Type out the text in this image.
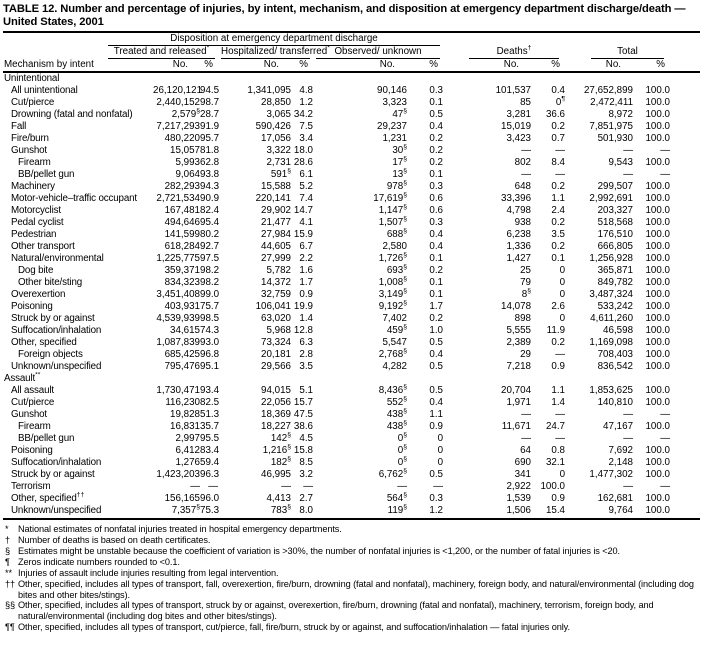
TABLE 12. Number and percentage of injuries, by intent, mechanism, and disposition at emergency department discharge/death — United States, 2001

	Disposition at emergency department discharge										

	Treated and released*		Hospitalized/ transferred*		Observed/ unknown		Deaths†		Total		

Mechanism by intent	No.	%	No.	%	No.	%	No.	%	No.	%	
Unintentional											
All unintentional	26,120,121	94.5	1,341,095	4.8	90,146	0.3	101,537	0.4	27,652,899	100.0	
Cut/pierce	2,440,152	98.7	28,850	1.2	3,323	0.1	85	0¶	2,472,411	100.0	
Drowning (fatal and nonfatal)	2,579§	28.7	3,065	34.2	47§	0.5	3,281	36.6	8,972	100.0	
Fall	7,217,293	91.9	590,426	7.5	29,237	0.4	15,019	0.2	7,851,975	100.0	
Fire/burn	480,220	95.7	17,056	3.4	1,231	0.2	3,423	0.7	501,930	100.0	
Gunshot	15,057	81.8	3,322	18.0	30§	0.2	—	—	—	—	
Firearm	5,993	62.8	2,731	28.6	17§	0.2	802	8.4	9,543	100.0	
BB/pellet gun	9,064	93.8	591§	6.1	13§	0.1	—	—	—	—	
Machinery	282,293	94.3	15,588	5.2	978§	0.3	648	0.2	299,507	100.0	
Motor-vehicle–traffic occupant	2,721,534	90.9	220,141	7.4	17,619§	0.6	33,396	1.1	2,992,691	100.0	
Motorcyclist	167,481	82.4	29,902	14.7	1,147§	0.6	4,798	2.4	203,327	100.0	
Pedal cyclist	494,646	95.4	21,477	4.1	1,507§	0.3	938	0.2	518,568	100.0	
Pedestrian	141,599	80.2	27,984	15.9	688§	0.4	6,238	3.5	176,510	100.0	
Other transport	618,284	92.7	44,605	6.7	2,580	0.4	1,336	0.2	666,805	100.0	
Natural/environmental	1,225,775	97.5	27,999	2.2	1,726§	0.1	1,427	0.1	1,256,928	100.0	
Dog bite	359,371	98.2	5,782	1.6	693§	0.2	25	0	365,871	100.0	
Other bite/sting	834,323	98.2	14,372	1.7	1,008§	0.1	79	0	849,782	100.0	
Overexertion	3,451,408	99.0	32,759	0.9	3,149§	0.1	8§	0	3,487,324	100.0	
Poisoning	403,931	75.7	106,041	19.9	9,192§	1.7	14,078	2.6	533,242	100.0	
Struck by or against	4,539,939	98.5	63,020	1.4	7,402	0.2	898	0	4,611,260	100.0	
Suffocation/inhalation	34,615	74.3	5,968	12.8	459§	1.0	5,555	11.9	46,598	100.0	
Other, specified	1,087,839	93.0	73,324	6.3	5,547	0.5	2,389	0.2	1,169,098	100.0	
Foreign objects	685,425	96.8	20,181	2.8	2,768§	0.4	29	—	708,403	100.0	
Unknown/unspecified	795,476	95.1	29,566	3.5	4,282	0.5	7,218	0.9	836,542	100.0	
Assault**
All assault	1,730,471	93.4	94,015	5.1	8,436§	0.5	20,704	1.1	1,853,625	100.0	
Cut/pierce	116,230	82.5	22,056	15.7	552§	0.4	1,971	1.4	140,810	100.0	
Gunshot	19,828	51.3	18,369	47.5	438§	1.1	—	—	—	—	
Firearm	16,831	35.7	18,227	38.6	438§	0.9	11,671	24.7	47,167	100.0	
BB/pellet gun	2,997	95.5	142§	4.5	0§	0	—	—	—	—	
Poisoning	6,412	83.4	1,216§	15.8	0§	0	64	0.8	7,692	100.0	
Suffocation/inhalation	1,276	59.4	182§	8.5	0§	0	690	32.1	2,148	100.0	
Struck by or against	1,423,203	96.3	46,995	3.2	6,762§	0.5	341	0	1,477,302	100.0	
Terrorism	—	—	—	—	—	—	2,922	100.0	—	—	
Other, specified††	156,165	96.0	4,413	2.7	564§	0.3	1,539	0.9	162,681	100.0	
Unknown/unspecified	7,357§	75.3	783§	8.0	119§	1.2	1,506	15.4	9,764	100.0	
*	National estimates of nonfatal injuries treated in hospital emergency departments.
† Number of deaths is based on death certificates.
§ Estimates might be unstable because the coefficient of variation is >30%, the number of nonfatal injuries is <1,200, or the number of fatal injuries is <20.
¶ Zeros indicate numbers rounded to <0.1.
** Injuries of assault include injuries resulting from legal intervention.
†† Other, specified, includes all types of transport, fall, overexertion, fire/burn, drowning (fatal and nonfatal), machinery, foreign body, and natural/environmental (including dog bites and other bites/stings).
§§ Other, specified, includes all types of transport, struck by or against, overexertion, fire/burn, drowning (fatal and nonfatal), machinery, terrorism, foreign body, and natural/environmental (including dog bites and other bites/stings).
¶¶ Other, specified, includes all types of transport, cut/pierce, fall, fire/burn, struck by or against, and suffocation/inhalation — fatal injuries only.
